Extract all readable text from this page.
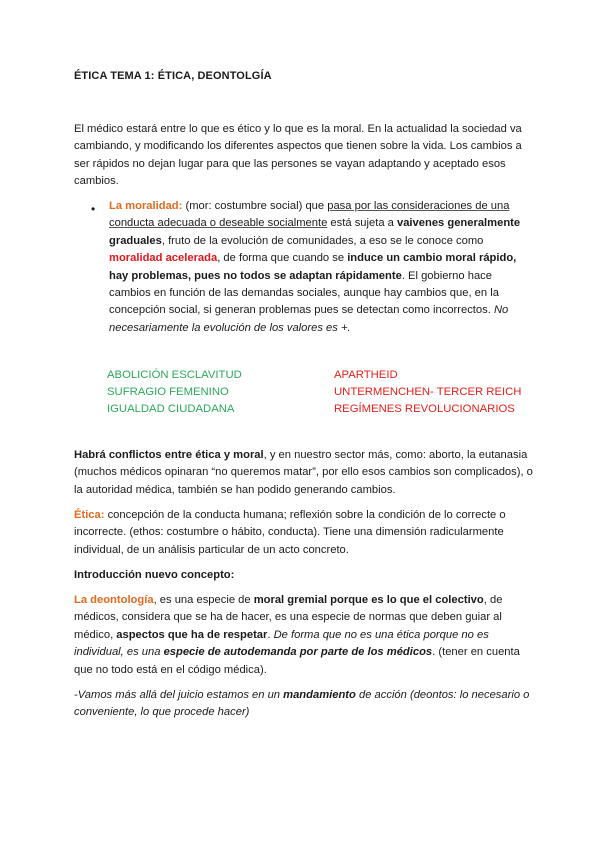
ÉTICA TEMA 1: ÉTICA, DEONTOLGÍA

El médico estará entre lo que es ético y lo que es la moral. En la actualidad la sociedad va cambiando, y modificando los diferentes aspectos que tienen sobre la vida. Los cambios a ser rápidos no dejan lugar para que las persones se vayan adaptando y aceptado esos cambios.

• La moralidad: (mor: costumbre social) que pasa por las consideraciones de una conducta adecuada o deseable socialmente está sujeta a vaivenes generalmente graduales, fruto de la evolución de comunidades, a eso se le conoce como moralidad acelerada, de forma que cuando se induce un cambio moral rápido, hay problemas, pues no todos se adaptan rápidamente. El gobierno hace cambios en función de las demandas sociales, aunque hay cambios que, en la concepción social, si generan problemas pues se detectan como incorrectos. No necesariamente la evolución de los valores es +.
ABOLICIÓN ESCLAVITUD
SUFRAGIO FEMENINO
IGUALDAD CIUDADANA
APARTHEID
UNTERMENCHEN- TERCER REICH
REGÍMENES REVOLUCIONARIOS

Habrá conflictos entre ética y moral, y en nuestro sector más, como: aborto, la eutanasia (muchos médicos opinaran “no queremos matar”, por ello esos cambios son complicados), o la autoridad médica, también se han podido generando cambios.

Ética: concepción de la conducta humana; reflexión sobre la condición de lo correcte o incorrecte. (ethos: costumbre o hábito, conducta). Tiene una dimensión radicularmente individual, de un análisis particular de un acto concreto.

Introducción nuevo concepto:

La deontología, es una especie de moral gremial porque es lo que el colectivo, de médicos, considera que se ha de hacer, es una especie de normas que deben guiar al médico, aspectos que ha de respetar. De forma que no es una ética porque no es individual, es una especie de autodemanda por parte de los médicos. (tener en cuenta que no todo está en el código médica).

-Vamos más allá del juicio estamos en un mandamiento de acción (deontos: lo necesario o conveniente, lo que procede hacer)
